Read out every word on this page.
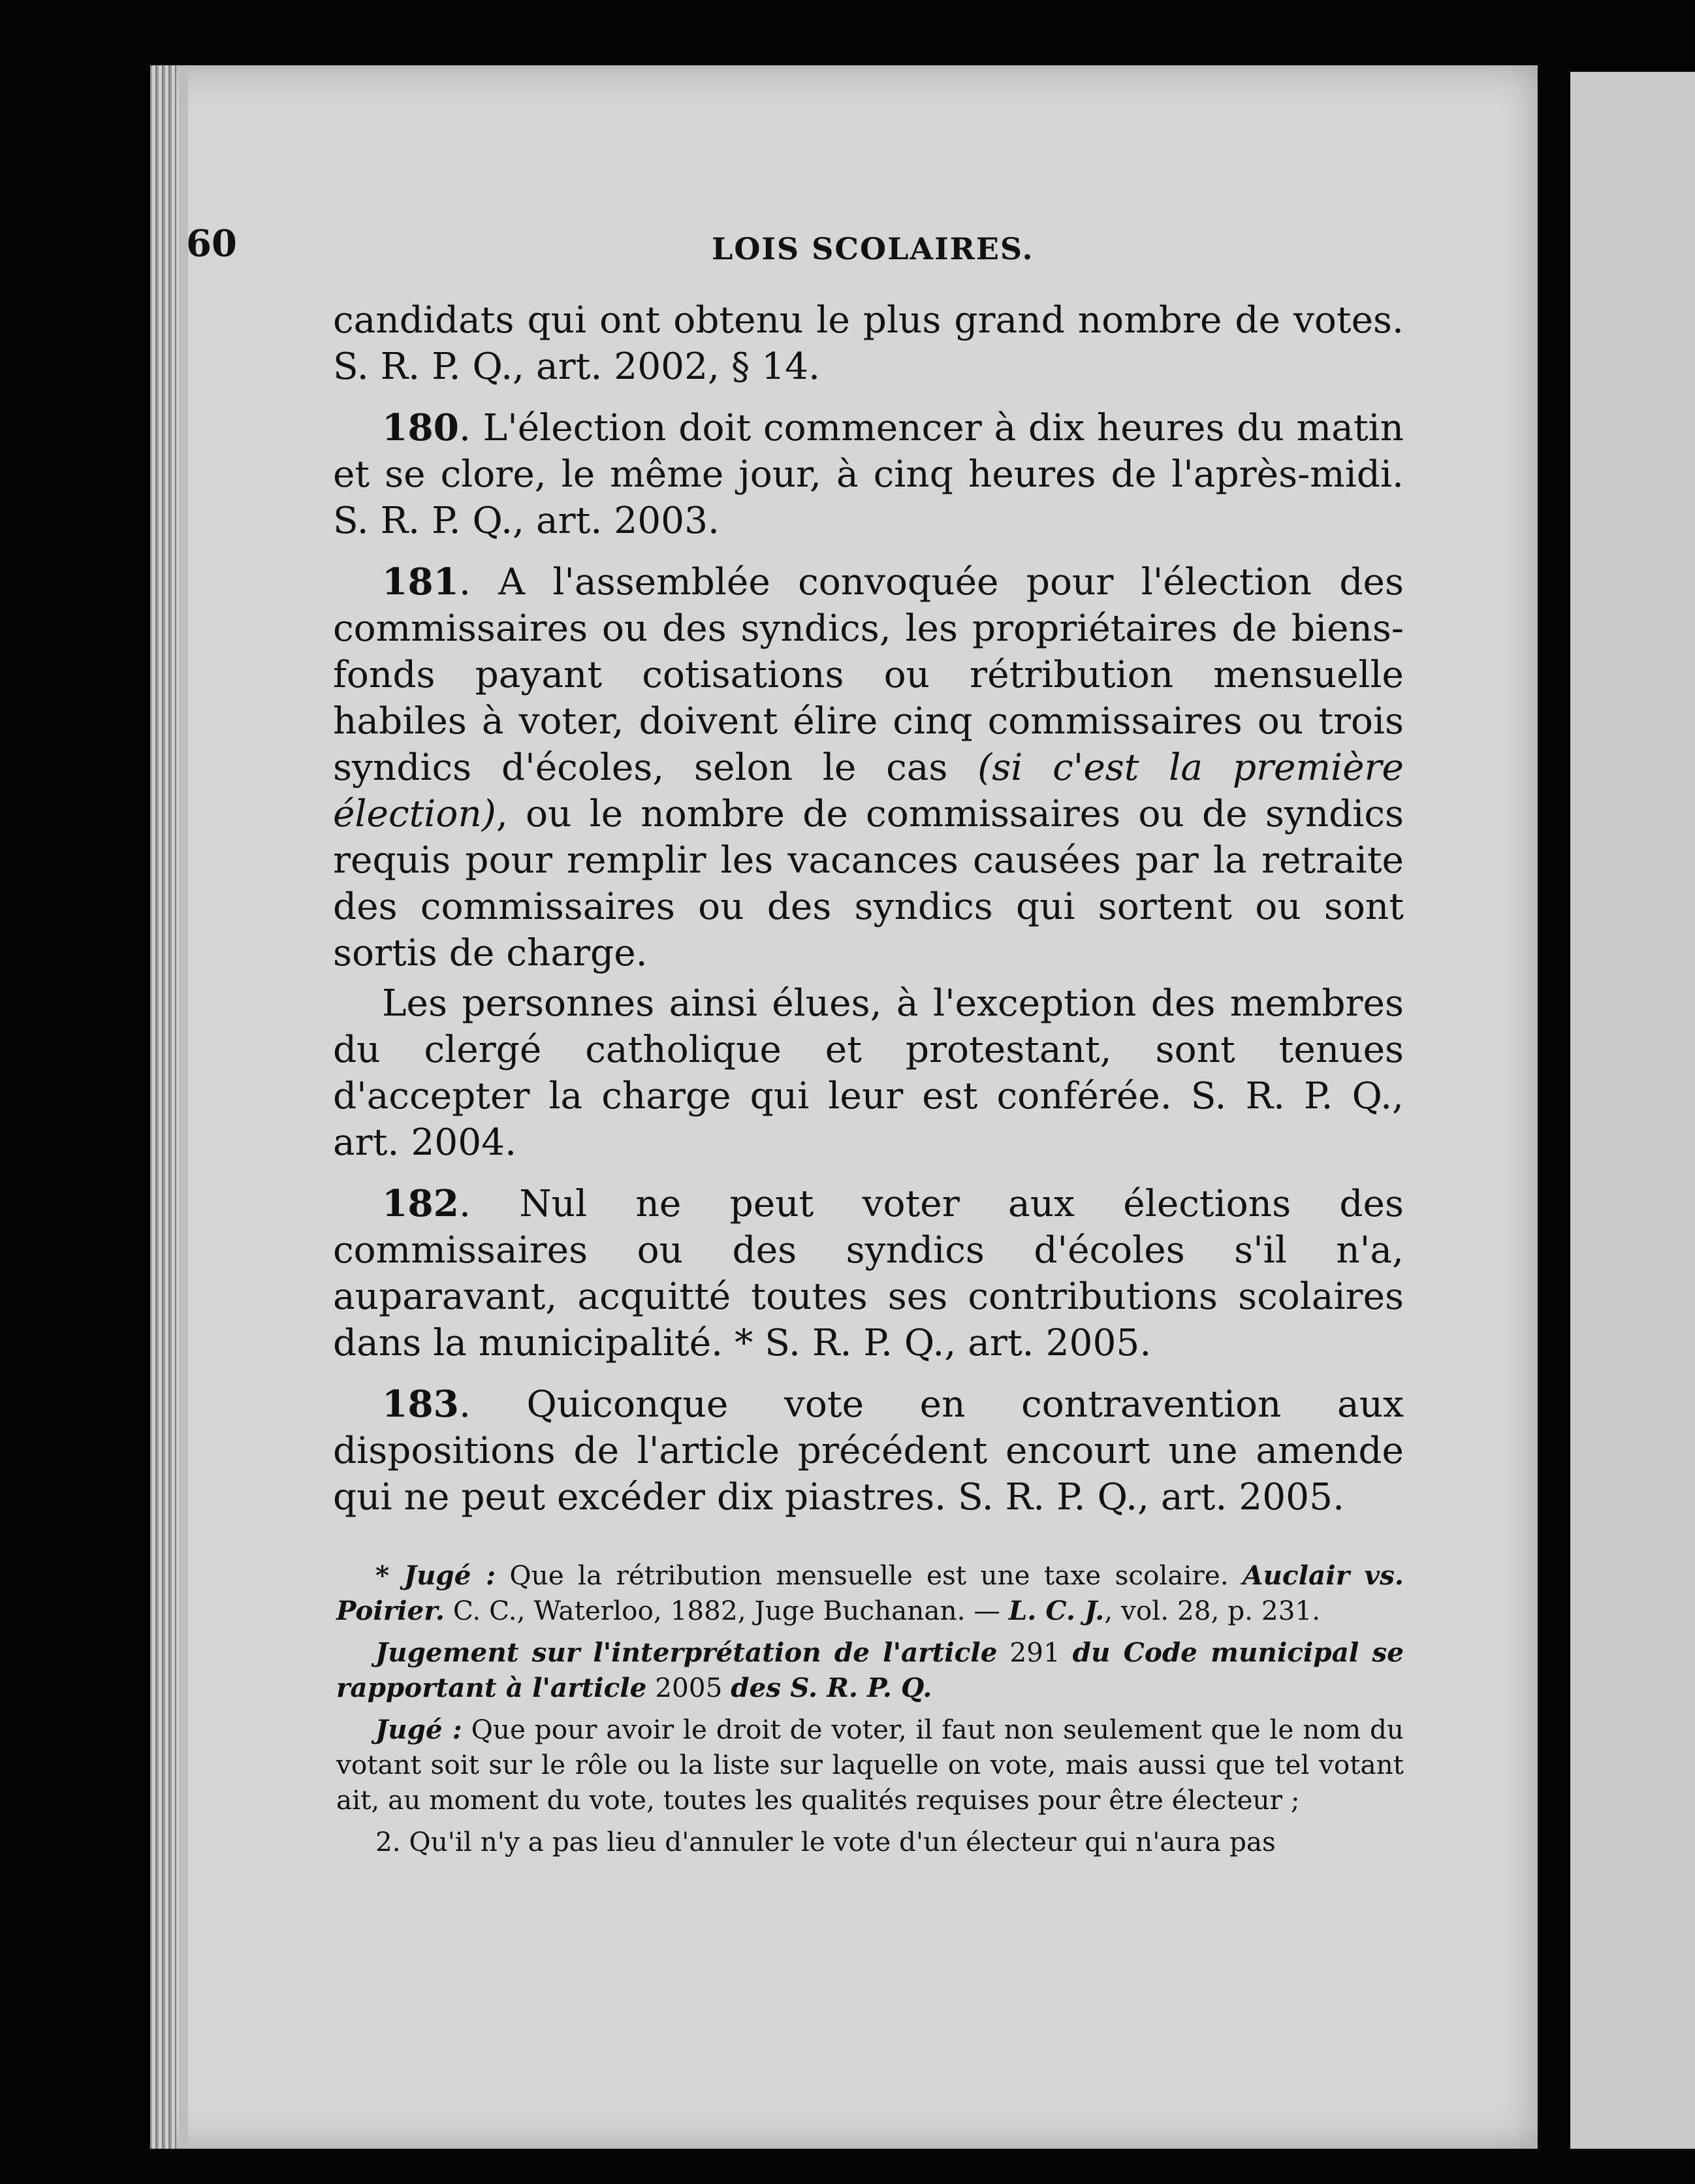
60	LOIS SCOLAIRES.

candidats qui ont obtenu le plus grand nombre de votes. S. R. P. Q., art. 2002, § 14.

180. L'élection doit commencer à dix heures du matin et se clore, le même jour, à cinq heures de l'après-midi. S. R. P. Q., art. 2003.

181. A l'assemblée convoquée pour l'élection des commissaires ou des syndics, les propriétaires de biens-fonds payant cotisations ou rétribution mensuelle habiles à voter, doivent élire cinq commissaires ou trois syndics d'écoles, selon le cas (si c'est la première élection), ou le nombre de commissaires ou de syndics requis pour remplir les vacances causées par la retraite des commissaires ou des syndics qui sortent ou sont sortis de charge.

Les personnes ainsi élues, à l'exception des membres du clergé catholique et protestant, sont tenues d'accepter la charge qui leur est conférée. S. R. P. Q., art. 2004.

182. Nul ne peut voter aux élections des commissaires ou des syndics d'écoles s'il n'a, auparavant, acquitté toutes ses contributions scolaires dans la municipalité. * S. R. P. Q., art. 2005.

183. Quiconque vote en contravention aux dispositions de l'article précédent encourt une amende qui ne peut excéder dix piastres. S. R. P. Q., art. 2005.

* Jugé : Que la rétribution mensuelle est une taxe scolaire. Auclair vs. Poirier. C. C., Waterloo, 1882, Juge Buchanan. — L. C. J., vol. 28, p. 231.

Jugement sur l'interprétation de l'article 291 du Code municipal se rapportant à l'article 2005 des S. R. P. Q.

Jugé : Que pour avoir le droit de voter, il faut non seulement que le nom du votant soit sur le rôle ou la liste sur laquelle on vote, mais aussi que tel votant ait, au moment du vote, toutes les qualités requises pour être électeur ;

2. Qu'il n'y a pas lieu d'annuler le vote d'un électeur qui n'aura pas
